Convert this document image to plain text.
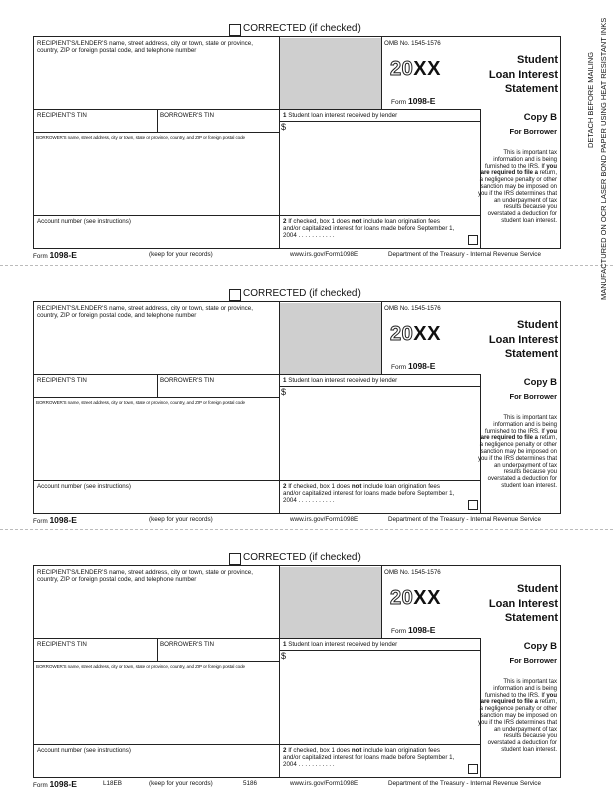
CORRECTED (if checked)
RECIPIENT'S/LENDER'S name, street address, city or town, state or province, country, ZIP or foreign postal code, and telephone number
OMB No. 1545-1576
20XX
Form 1098-E
Student
Loan Interest
Statement
RECIPIENT'S TIN	BORROWER'S TIN	1 Student loan interest received by lender
$
Copy B
For Borrower
This is important tax information and is being furnished to the IRS. If you are required to file a return, a negligence penalty or other sanction may be imposed on you if the IRS determines that an underpayment of tax results because you overstated a deduction for student loan interest.
BORROWER'S name, street address, city or town, state or province, country, and ZIP or foreign postal code
Account number (see instructions)	2 If checked, box 1 does not include loan origination fees and/or capitalized interest for loans made before September 1, 2004 . . . . . . . . . . .
Form 1098-E	(keep for your records)	www.irs.gov/Form1098E	Department of the Treasury - Internal Revenue Service
CORRECTED (if checked)
RECIPIENT'S/LENDER'S name, street address, city or town, state or province, country, ZIP or foreign postal code, and telephone number
OMB No. 1545-1576
20XX
Form 1098-E
Student
Loan Interest
Statement
RECIPIENT'S TIN	BORROWER'S TIN	1 Student loan interest received by lender
$
Copy B
For Borrower
This is important tax information and is being furnished to the IRS. If you are required to file a return, a negligence penalty or other sanction may be imposed on you if the IRS determines that an underpayment of tax results because you overstated a deduction for student loan interest.
BORROWER'S name, street address, city or town, state or province, country, and ZIP or foreign postal code
Account number (see instructions)	2 If checked, box 1 does not include loan origination fees and/or capitalized interest for loans made before September 1, 2004 . . . . . . . . . . .
Form 1098-E	(keep for your records)	www.irs.gov/Form1098E	Department of the Treasury - Internal Revenue Service
CORRECTED (if checked)
RECIPIENT'S/LENDER'S name, street address, city or town, state or province, country, ZIP or foreign postal code, and telephone number
OMB No. 1545-1576
20XX
Form 1098-E
Student
Loan Interest
Statement
RECIPIENT'S TIN	BORROWER'S TIN	1 Student loan interest received by lender
$
Copy B
For Borrower
This is important tax information and is being furnished to the IRS. If you are required to file a return, a negligence penalty or other sanction may be imposed on you if the IRS determines that an underpayment of tax results because you overstated a deduction for student loan interest.
BORROWER'S name, street address, city or town, state or province, country, and ZIP or foreign postal code
Account number (see instructions)	2 If checked, box 1 does not include loan origination fees and/or capitalized interest for loans made before September 1, 2004 . . . . . . . . . . .
Form 1098-E	L18EB	(keep for your records)	5186	www.irs.gov/Form1098E	Department of the Treasury - Internal Revenue Service
DETACH BEFORE MAILING MANUFACTURED ON OCR LASER BOND PAPER USING HEAT RESISTANT INKS
